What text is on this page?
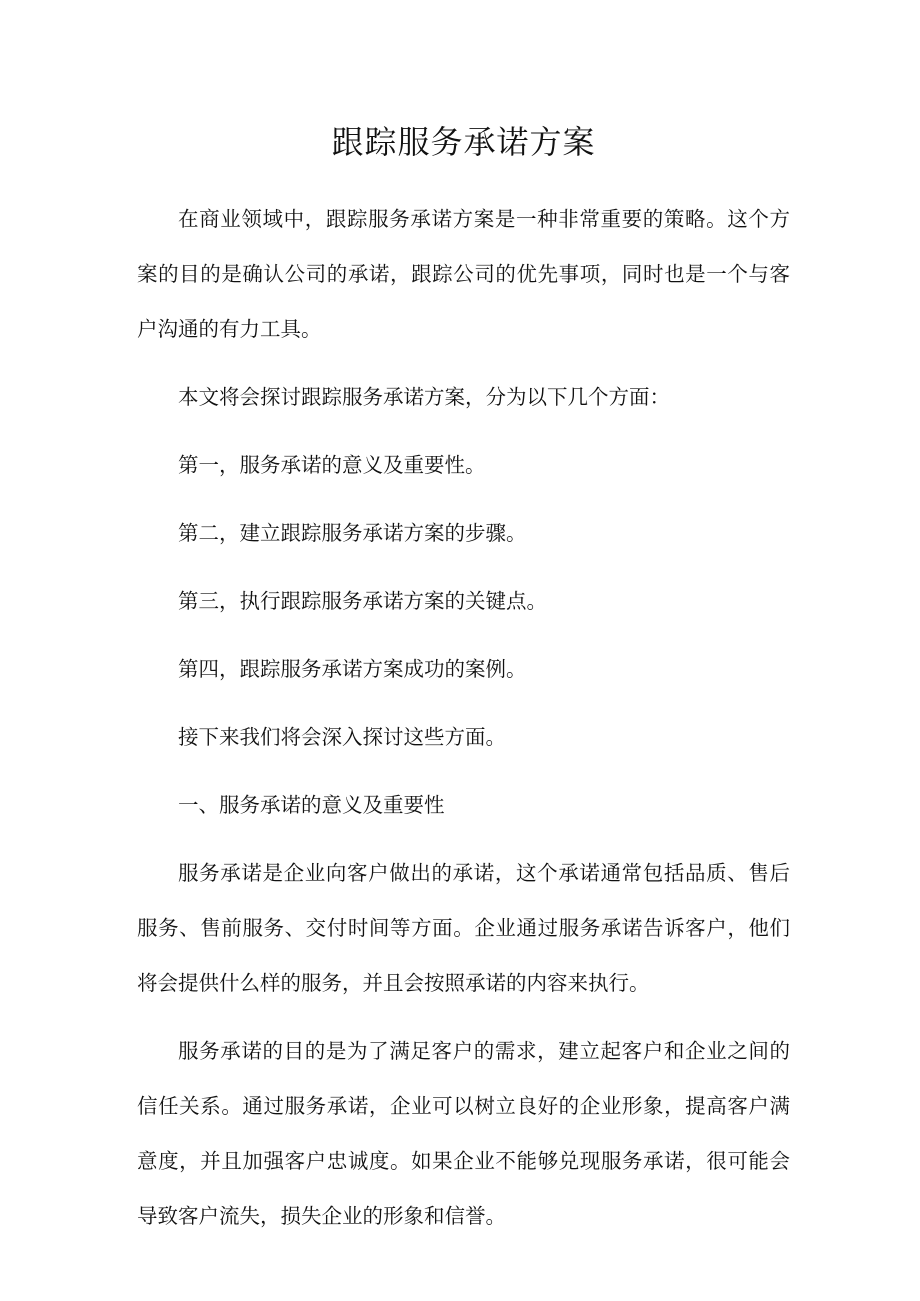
跟踪服务承诺方案

在商业领域中，跟踪服务承诺方案是一种非常重要的策略。这个方案的目的是确认公司的承诺，跟踪公司的优先事项，同时也是一个与客户沟通的有力工具。

本文将会探讨跟踪服务承诺方案，分为以下几个方面：

第一，服务承诺的意义及重要性。

第二，建立跟踪服务承诺方案的步骤。

第三，执行跟踪服务承诺方案的关键点。

第四，跟踪服务承诺方案成功的案例。

接下来我们将会深入探讨这些方面。

一、服务承诺的意义及重要性

服务承诺是企业向客户做出的承诺，这个承诺通常包括品质、售后服务、售前服务、交付时间等方面。企业通过服务承诺告诉客户，他们将会提供什么样的服务，并且会按照承诺的内容来执行。

服务承诺的目的是为了满足客户的需求，建立起客户和企业之间的信任关系。通过服务承诺，企业可以树立良好的企业形象，提高客户满意度，并且加强客户忠诚度。如果企业不能够兑现服务承诺，很可能会导致客户流失，损失企业的形象和信誉。
